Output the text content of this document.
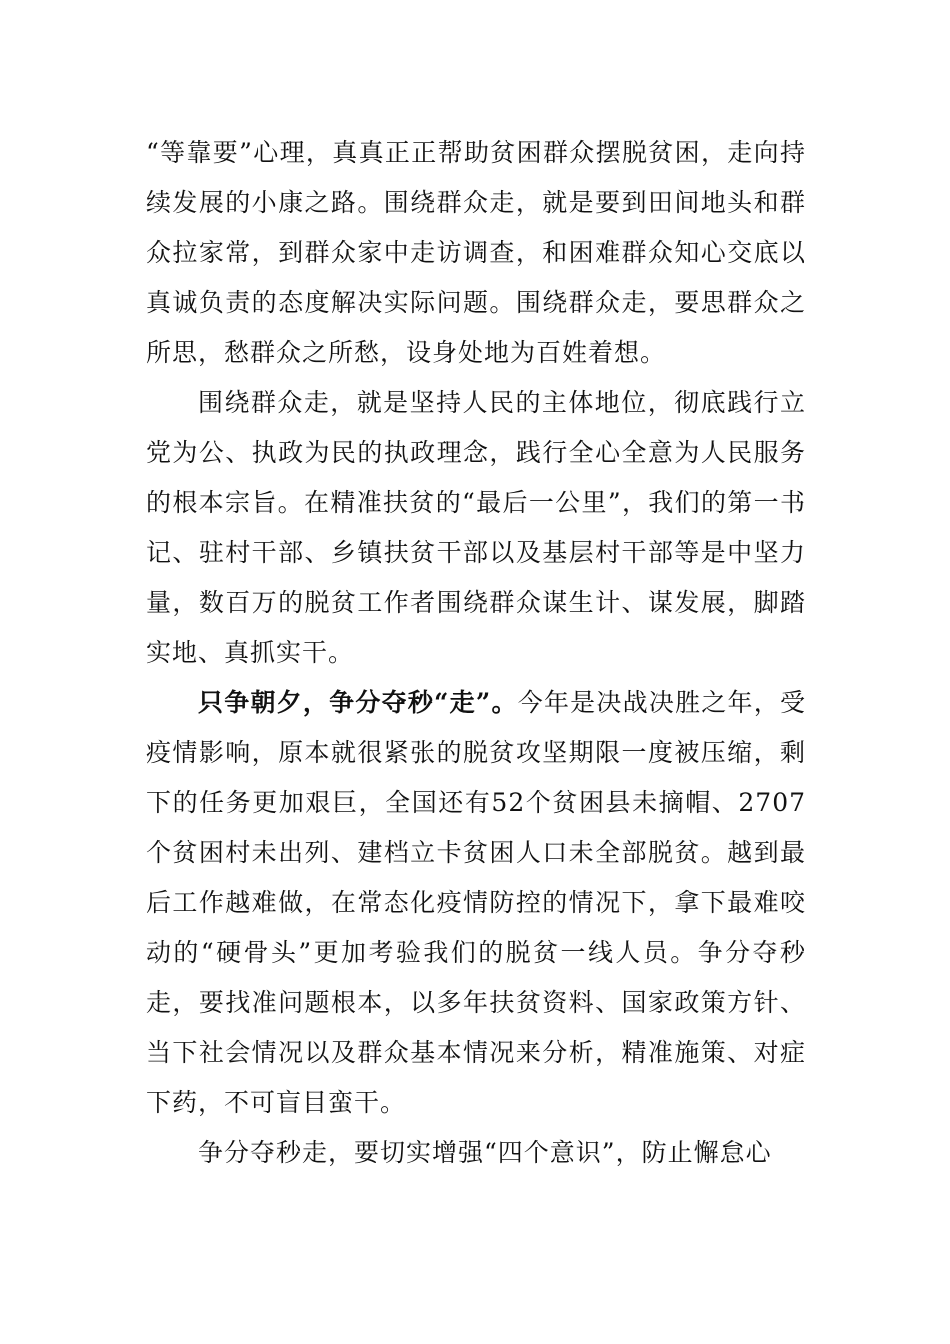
“等靠要”心理，真真正正帮助贫困群众摆脱贫困，走向持续发展的小康之路。围绕群众走，就是要到田间地头和群众拉家常，到群众家中走访调查，和困难群众知心交底以真诚负责的态度解决实际问题。围绕群众走，要思群众之所思，愁群众之所愁，设身处地为百姓着想。

围绕群众走，就是坚持人民的主体地位，彻底践行立党为公、执政为民的执政理念，践行全心全意为人民服务的根本宗旨。在精准扶贫的“最后一公里”，我们的第一书记、驻村干部、乡镇扶贫干部以及基层村干部等是中坚力量，数百万的脱贫工作者围绕群众谋生计、谋发展，脚踏实地、真抓实干。

只争朝夕，争分夺秒“走”。今年是决战决胜之年，受疫情影响，原本就很紧张的脱贫攻坚期限一度被压缩，剩下的任务更加艰巨，全国还有52个贫困县未摘帽、2707个贫困村未出列、建档立卡贫困人口未全部脱贫。越到最后工作越难做，在常态化疫情防控的情况下，拿下最难咬动的“硬骨头”更加考验我们的脱贫一线人员。争分夺秒走，要找准问题根本，以多年扶贫资料、国家政策方针、当下社会情况以及群众基本情况来分析，精准施策、对症下药，不可盲目蛮干。

争分夺秒走，要切实增强“四个意识”，防止懈怠心
